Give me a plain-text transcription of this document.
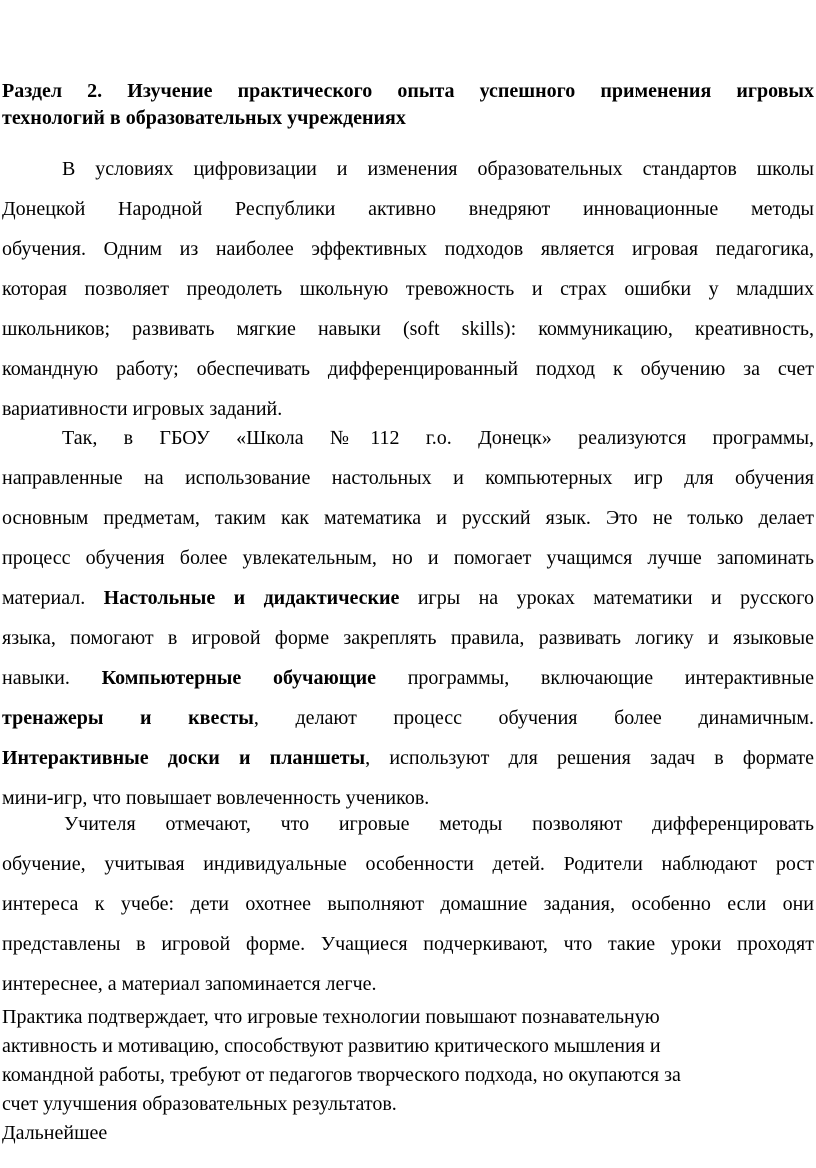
Раздел 2. Изучение практического опыта успешного применения игровых
технологий в образовательных учреждениях

В условиях цифровизации и изменения образовательных стандартов школы
Донецкой Народной Республики активно внедряют инновационные методы
обучения. Одним из наиболее эффективных подходов является игровая педагогика,
которая позволяет преодолеть школьную тревожность и страх ошибки у младших
школьников; развивать мягкие навыки (soft skills): коммуникацию, креативность,
командную работу; обеспечивать дифференцированный подход к обучению за счет
вариативности игровых заданий.

Так, в ГБОУ «Школа №112 г.о. Донецк» реализуются программы,
направленные на использование настольных и компьютерных игр для обучения
основным предметам, таким как математика и русский язык. Это не только делает
процесс обучения более увлекательным, но и помогает учащимся лучше запоминать
материал. Настольные и дидактические игры на уроках математики и русского
языка, помогают в игровой форме закреплять правила, развивать логику и языковые
навыки. Компьютерные обучающие программы, включающие интерактивные
тренажеры и квесты, делают процесс обучения более динамичным.
Интерактивные доски и планшеты, используют для решения задач в формате
мини-игр, что повышает вовлеченность учеников.

Учителя отмечают, что игровые методы позволяют дифференцировать
обучение, учитывая индивидуальные особенности детей. Родители наблюдают рост
интереса к учебе: дети охотнее выполняют домашние задания, особенно если они
представлены в игровой форме. Учащиеся подчеркивают, что такие уроки проходят
интереснее, а материал запоминается легче.

Практика подтверждает, что игровые технологии повышают познавательную
активность и мотивацию, способствуют развитию критического мышления и
командной работы, требуют от педагогов творческого подхода, но окупаются за
счет улучшения образовательных результатов.
Дальнейшее
